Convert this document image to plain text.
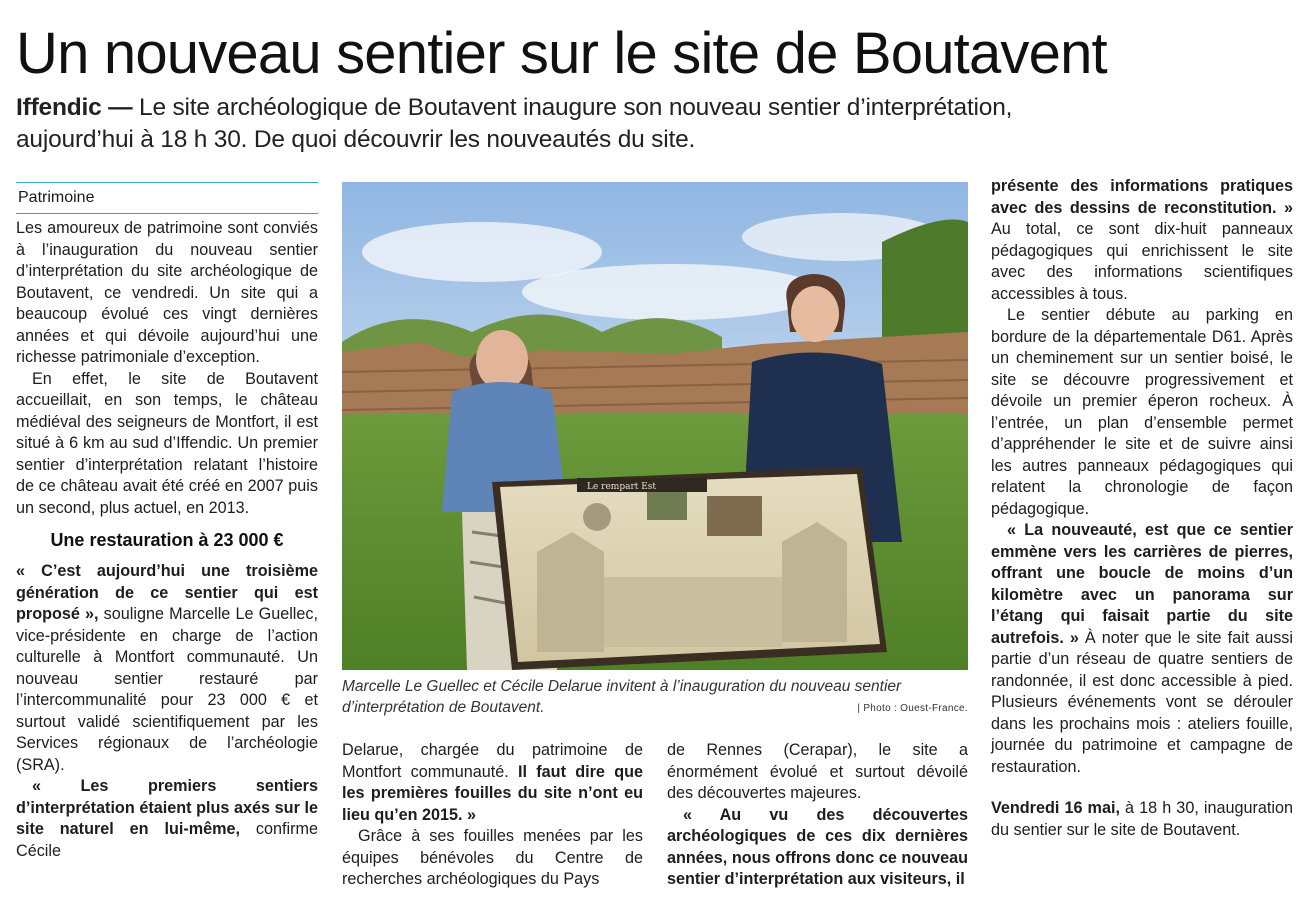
Un nouveau sentier sur le site de Boutavent

Iffendic — Le site archéologique de Boutavent inaugure son nouveau sentier d’interprétation, aujourd’hui à 18 h 30. De quoi découvrir les nouveautés du site.

Patrimoine

Les amoureux de patrimoine sont conviés à l’inauguration du nouveau sentier d’interprétation du site archéologique de Boutavent, ce vendredi. Un site qui a beaucoup évolué ces vingt dernières années et qui dévoile aujourd’hui une richesse patrimoniale d’exception.

En effet, le site de Boutavent accueillait, en son temps, le château médiéval des seigneurs de Montfort, il est situé à 6 km au sud d’Iffendic. Un premier sentier d’interprétation relatant l’histoire de ce château avait été créé en 2007 puis un second, plus actuel, en 2013.

Une restauration à 23 000 €

« C’est aujourd’hui une troisième génération de ce sentier qui est proposé », souligne Marcelle Le Guellec, vice-présidente en charge de l’action culturelle à Montfort communauté. Un nouveau sentier restauré par l’intercommunalité pour 23 000 € et surtout validé scientifiquement par les Services régionaux de l’archéologie (SRA).

« Les premiers sentiers d’interprétation étaient plus axés sur le site naturel en lui-même, confirme Cécile

Le rempart Est
Marcelle Le Guellec et Cécile Delarue invitent à l’inauguration du nouveau sentier d’interprétation de Boutavent.	| Photo : Ouest-France.

Delarue, chargée du patrimoine de Montfort communauté. Il faut dire que les premières fouilles du site n’ont eu lieu qu’en 2015. »

Grâce à ses fouilles menées par les équipes bénévoles du Centre de recherches archéologiques du Pays

de Rennes (Cerapar), le site a énormément évolué et surtout dévoilé des découvertes majeures.

« Au vu des découvertes archéologiques de ces dix dernières années, nous offrons donc ce nouveau sentier d’interprétation aux visiteurs, il

présente des informations pratiques avec des dessins de reconstitution. » Au total, ce sont dix-huit panneaux pédagogiques qui enrichissent le site avec des informations scientifiques accessibles à tous.

Le sentier débute au parking en bordure de la départementale D61. Après un cheminement sur un sentier boisé, le site se découvre progressivement et dévoile un premier éperon rocheux. À l’entrée, un plan d’ensemble permet d’appréhender le site et de suivre ainsi les autres panneaux pédagogiques qui relatent la chronologie de façon pédagogique.

« La nouveauté, est que ce sentier emmène vers les carrières de pierres, offrant une boucle de moins d’un kilomètre avec un panorama sur l’étang qui faisait partie du site autrefois. » À noter que le site fait aussi partie d’un réseau de quatre sentiers de randonnée, il est donc accessible à pied. Plusieurs événements vont se dérouler dans les prochains mois : ateliers fouille, journée du patrimoine et campagne de restauration.

Vendredi 16 mai, à 18 h 30, inauguration du sentier sur le site de Boutavent.
